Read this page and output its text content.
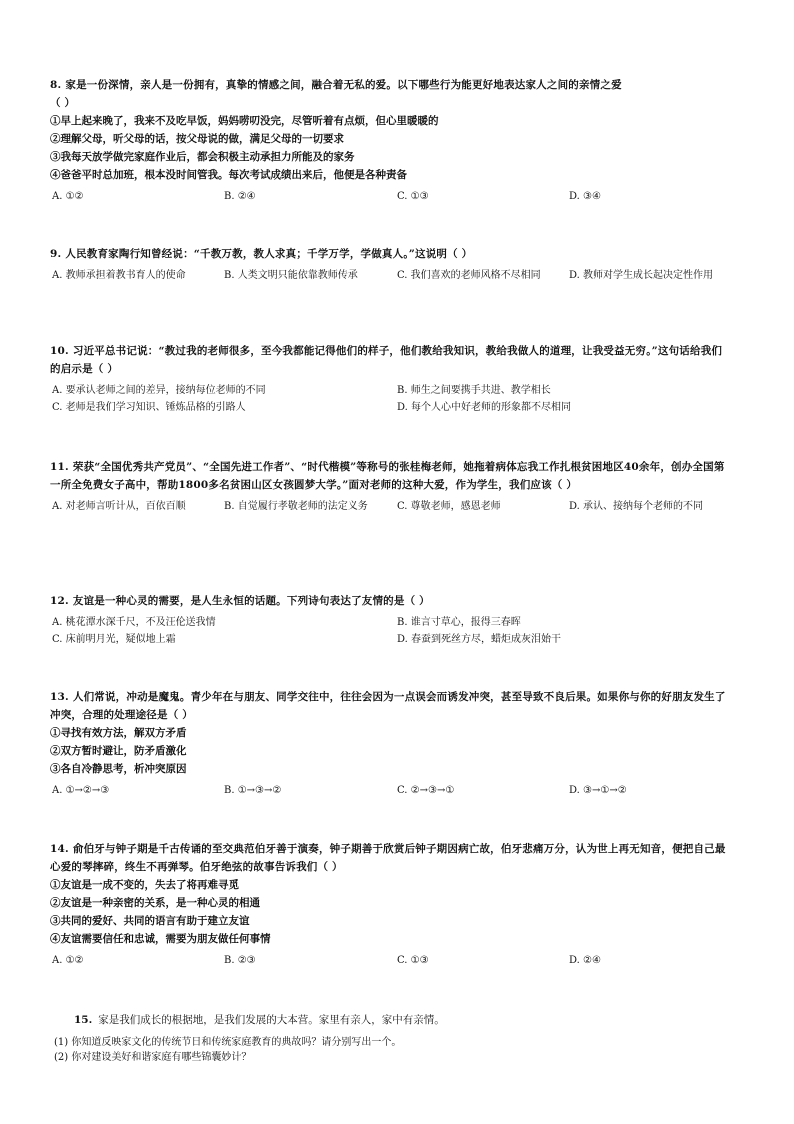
8. 家是一份深情，亲人是一份拥有，真挚的情感之间，融合着无私的爱。以下哪些行为能更好地表达家人之间的亲情之爱

（ ）

①早上起来晚了，我来不及吃早饭，妈妈唠叨没完，尽管听着有点烦，但心里暖暖的

②理解父母，听父母的话，按父母说的做，满足父母的一切要求

③我每天放学做完家庭作业后，都会积极主动承担力所能及的家务

④爸爸平时总加班，根本没时间管我。每次考试成绩出来后，他便是各种责备

A. ①②	B. ②④	C. ①③	D. ③④

9. 人民教育家陶行知曾经说：“千教万教，教人求真；千学万学，学做真人。”这说明（ ）

A. 教师承担着教书育人的使命	B. 人类文明只能依靠教师传承	C. 我们喜欢的老师风格不尽相同	D. 教师对学生成长起决定性作用

10. 习近平总书记说：“教过我的老师很多，至今我都能记得他们的样子，他们教给我知识，教给我做人的道理，让我受益无穷。”这句话给我们的启示是（ ）

A. 要承认老师之间的差异，接纳每位老师的不同	B. 师生之间要携手共进、教学相长
C. 老师是我们学习知识、锤炼品格的引路人	D. 每个人心中好老师的形象都不尽相同

11. 荣获“全国优秀共产党员”、“全国先进工作者”、“时代楷模”等称号的张桂梅老师，她拖着病体忘我工作扎根贫困地区40余年，创办全国第一所全免费女子高中，帮助1800多名贫困山区女孩圆梦大学。”面对老师的这种大爱，作为学生，我们应该（ ）

A. 对老师言听计从，百依百顺	B. 自觉履行孝敬老师的法定义务	C. 尊敬老师，感恩老师	D. 承认、接纳每个老师的不同

12. 友谊是一种心灵的需要，是人生永恒的话题。下列诗句表达了友情的是（ ）

A. 桃花潭水深千尺，不及汪伦送我情	B. 谁言寸草心，报得三春晖
C. 床前明月光，疑似地上霜	D. 春蚕到死丝方尽，蜡炬成灰泪始干

13. 人们常说，冲动是魔鬼。青少年在与朋友、同学交往中，往往会因为一点误会而诱发冲突，甚至导致不良后果。如果你与你的好朋友发生了冲突，合理的处理途径是（ ）

①寻找有效方法，解双方矛盾

②双方暂时避让，防矛盾激化

③各自冷静思考，析冲突原因

A. ①→②→③	B. ①→③→②	C. ②→③→①	D. ③→①→②

14. 俞伯牙与钟子期是千古传诵的至交典范伯牙善于演奏，钟子期善于欣赏后钟子期因病亡故，伯牙悲痛万分，认为世上再无知音，便把自己最心爱的琴摔碎，终生不再弹琴。伯牙绝弦的故事告诉我们（ ）

①友谊是一成不变的，失去了将再难寻觅

②友谊是一种亲密的关系，是一种心灵的相通

③共同的爱好、共同的语言有助于建立友谊

④友谊需要信任和忠诚，需要为朋友做任何事情

A. ①②	B. ②③	C. ①③	D. ②④

15. 家是我们成长的根据地，是我们发展的大本营。家里有亲人，家中有亲情。

(1) 你知道反映家文化的传统节日和传统家庭教育的典故吗？请分别写出一个。

(2) 你对建设美好和谐家庭有哪些锦囊妙计？
